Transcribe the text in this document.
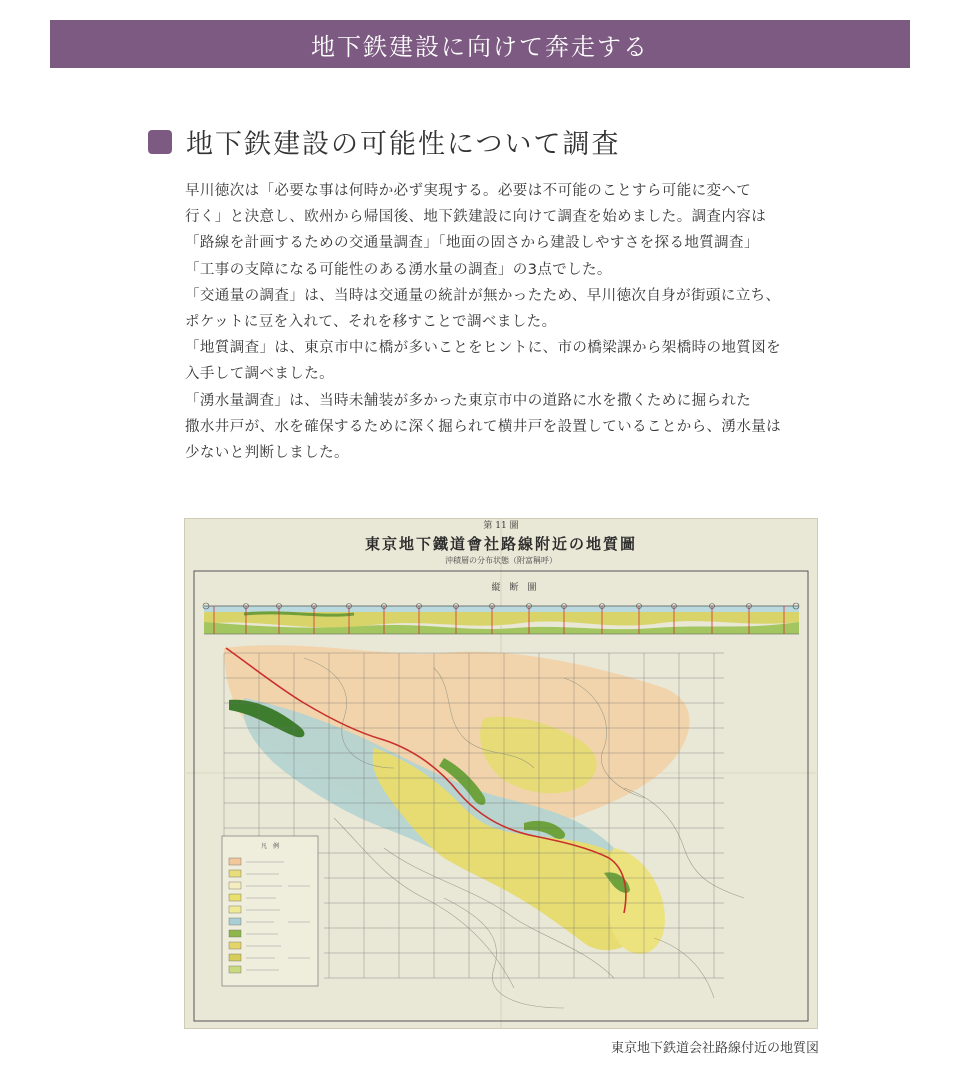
地下鉄建設に向けて奔走する
地下鉄建設の可能性について調査

早川徳次は「必要な事は何時か必ず実現する。必要は不可能のことすら可能に変へて

行く」と決意し、欧州から帰国後、地下鉄建設に向けて調査を始めました。調査内容は

「路線を計画するための交通量調査」「地面の固さから建設しやすさを探る地質調査」

「工事の支障になる可能性のある湧水量の調査」の3点でした。

「交通量の調査」は、当時は交通量の統計が無かったため、早川徳次自身が街頭に立ち、

ポケットに豆を入れて、それを移すことで調べました。

「地質調査」は、東京市中に橋が多いことをヒントに、市の橋梁課から架橋時の地質図を

入手して調べました。

「湧水量調査」は、当時未舗装が多かった東京市中の道路に水を撒くために掘られた

撒水井戸が、水を確保するために深く掘られて横井戸を設置していることから、湧水量は

少ないと判断しました。

第 11 圖
東京地下鐵道會社路線附近の地質圖
沖積層の分布状態（附富稱呼）
縦　断　圖
凡　例
東京地下鉄道会社路線付近の地質図
